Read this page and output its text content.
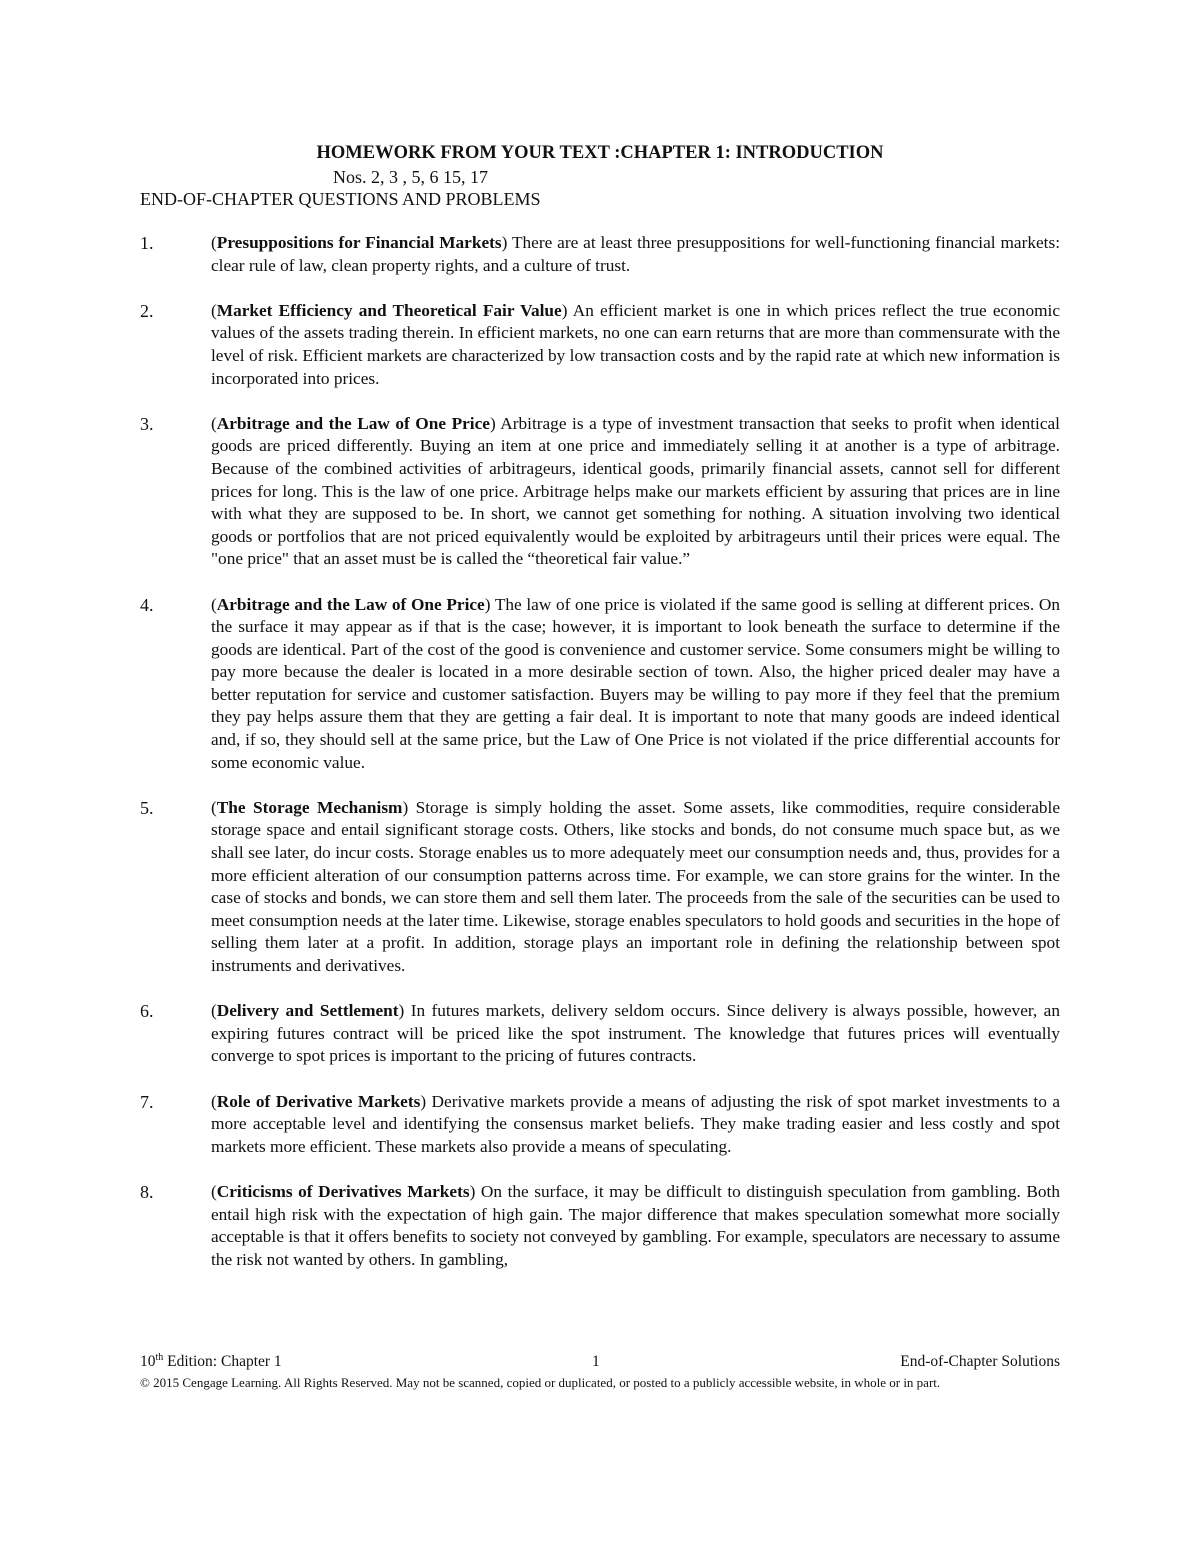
HOMEWORK FROM YOUR TEXT :CHAPTER 1: INTRODUCTION
Nos. 2, 3 , 5, 6 15, 17
END-OF-CHAPTER QUESTIONS AND PROBLEMS
1.	(Presuppositions for Financial Markets) There are at least three presuppositions for well-functioning financial markets: clear rule of law, clean property rights, and a culture of trust.
2.	(Market Efficiency and Theoretical Fair Value) An efficient market is one in which prices reflect the true economic values of the assets trading therein. In efficient markets, no one can earn returns that are more than commensurate with the level of risk. Efficient markets are characterized by low transaction costs and by the rapid rate at which new information is incorporated into prices.
3.	(Arbitrage and the Law of One Price) Arbitrage is a type of investment transaction that seeks to profit when identical goods are priced differently. Buying an item at one price and immediately selling it at another is a type of arbitrage. Because of the combined activities of arbitrageurs, identical goods, primarily financial assets, cannot sell for different prices for long. This is the law of one price. Arbitrage helps make our markets efficient by assuring that prices are in line with what they are supposed to be. In short, we cannot get something for nothing. A situation involving two identical goods or portfolios that are not priced equivalently would be exploited by arbitrageurs until their prices were equal. The "one price" that an asset must be is called the “theoretical fair value.”
4.	(Arbitrage and the Law of One Price) The law of one price is violated if the same good is selling at different prices. On the surface it may appear as if that is the case; however, it is important to look beneath the surface to determine if the goods are identical. Part of the cost of the good is convenience and customer service. Some consumers might be willing to pay more because the dealer is located in a more desirable section of town. Also, the higher priced dealer may have a better reputation for service and customer satisfaction. Buyers may be willing to pay more if they feel that the premium they pay helps assure them that they are getting a fair deal. It is important to note that many goods are indeed identical and, if so, they should sell at the same price, but the Law of One Price is not violated if the price differential accounts for some economic value.
5.	(The Storage Mechanism) Storage is simply holding the asset. Some assets, like commodities, require considerable storage space and entail significant storage costs. Others, like stocks and bonds, do not consume much space but, as we shall see later, do incur costs. Storage enables us to more adequately meet our consumption needs and, thus, provides for a more efficient alteration of our consumption patterns across time. For example, we can store grains for the winter. In the case of stocks and bonds, we can store them and sell them later. The proceeds from the sale of the securities can be used to meet consumption needs at the later time. Likewise, storage enables speculators to hold goods and securities in the hope of selling them later at a profit. In addition, storage plays an important role in defining the relationship between spot instruments and derivatives.
6.	(Delivery and Settlement) In futures markets, delivery seldom occurs. Since delivery is always possible, however, an expiring futures contract will be priced like the spot instrument. The knowledge that futures prices will eventually converge to spot prices is important to the pricing of futures contracts.
7.	(Role of Derivative Markets) Derivative markets provide a means of adjusting the risk of spot market investments to a more acceptable level and identifying the consensus market beliefs. They make trading easier and less costly and spot markets more efficient. These markets also provide a means of speculating.
8.	(Criticisms of Derivatives Markets) On the surface, it may be difficult to distinguish speculation from gambling. Both entail high risk with the expectation of high gain. The major difference that makes speculation somewhat more socially acceptable is that it offers benefits to society not conveyed by gambling. For example, speculators are necessary to assume the risk not wanted by others. In gambling,
10th Edition: Chapter 1	1	End-of-Chapter Solutions
© 2015 Cengage Learning. All Rights Reserved. May not be scanned, copied or duplicated, or posted to a publicly accessible website, in whole or in part.
